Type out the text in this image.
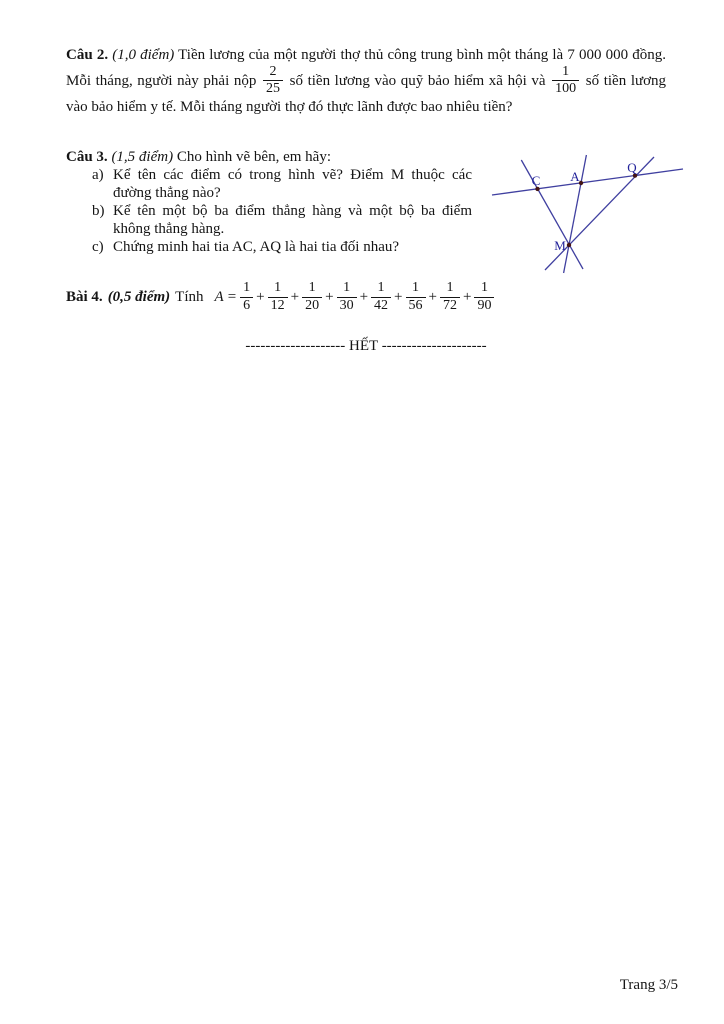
Câu 2. (1,0 điểm) Tiền lương của một người thợ thủ công trung bình một tháng là 7 000 000 đồng. Mỗi tháng, người này phải nộp $\frac{2}{25}$ số tiền lương vào quỹ bảo hiểm xã hội và $\frac{1}{100}$ số tiền lương vào bảo hiểm y tế. Mỗi tháng người thợ đó thực lãnh được bao nhiêu tiền?

Câu 3. (1,5 điểm) Cho hình vẽ bên, em hãy:

a) Kể tên các điểm có trong hình vẽ? Điểm M thuộc các đường thẳng nào?
b) Kể tên một bộ ba điểm thẳng hàng và một bộ ba điểm không thẳng hàng.
c) Chứng minh hai tia AC, AQ là hai tia đối nhau?
C A
Q
M
Bài 4. (0,5 điểm) Tính $A = \frac{1}{6} + \frac{1}{12} + \frac{1}{20} + \frac{1}{30} + \frac{1}{42} + \frac{1}{56} + \frac{1}{72} + \frac{1}{90}$
-------------------- HẾT ---------------------
Trang 3/5
